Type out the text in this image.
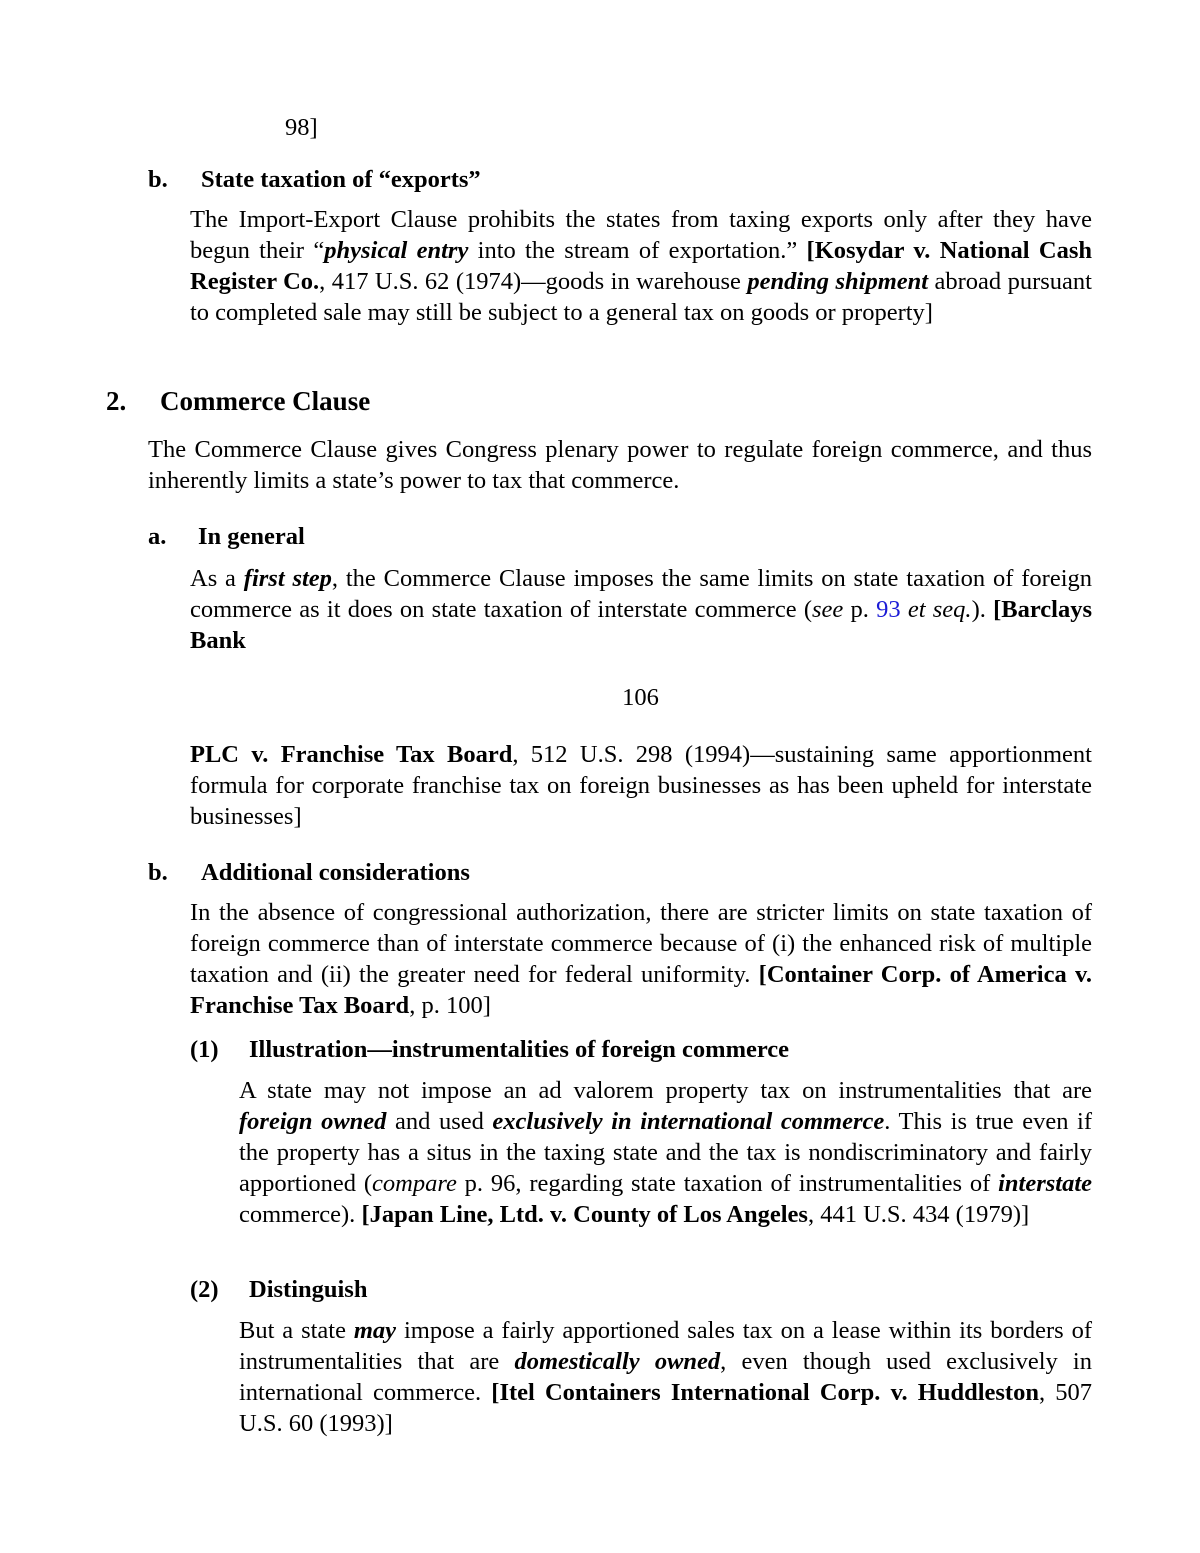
98]
b.	State taxation of “exports”
The Import-Export Clause prohibits the states from taxing exports only after they have begun their “physical entry into the stream of exportation.” [Kosydar v. National Cash Register Co., 417 U.S. 62 (1974)—goods in warehouse pending shipment abroad pursuant to completed sale may still be subject to a general tax on goods or property]
2.	Commerce Clause
The Commerce Clause gives Congress plenary power to regulate foreign commerce, and thus inherently limits a state’s power to tax that commerce.
a.	In general
As a first step, the Commerce Clause imposes the same limits on state taxation of foreign commerce as it does on state taxation of interstate commerce (see p. 93 et seq.). [Barclays Bank
106
PLC v. Franchise Tax Board, 512 U.S. 298 (1994)—sustaining same apportionment formula for corporate franchise tax on foreign businesses as has been upheld for interstate businesses]
b.	Additional considerations
In the absence of congressional authorization, there are stricter limits on state taxation of foreign commerce than of interstate commerce because of (i) the enhanced risk of multiple taxation and (ii) the greater need for federal uniformity. [Container Corp. of America v. Franchise Tax Board, p. 100]
(1)	Illustration—instrumentalities of foreign commerce
A state may not impose an ad valorem property tax on instrumentalities that are foreign owned and used exclusively in international commerce. This is true even if the property has a situs in the taxing state and the tax is nondiscriminatory and fairly apportioned (compare p. 96, regarding state taxation of instrumentalities of interstate commerce). [Japan Line, Ltd. v. County of Los Angeles, 441 U.S. 434 (1979)]
(2)	Distinguish
But a state may impose a fairly apportioned sales tax on a lease within its borders of instrumentalities that are domestically owned, even though used exclusively in international commerce. [Itel Containers International Corp. v. Huddleston, 507 U.S. 60 (1993)]
